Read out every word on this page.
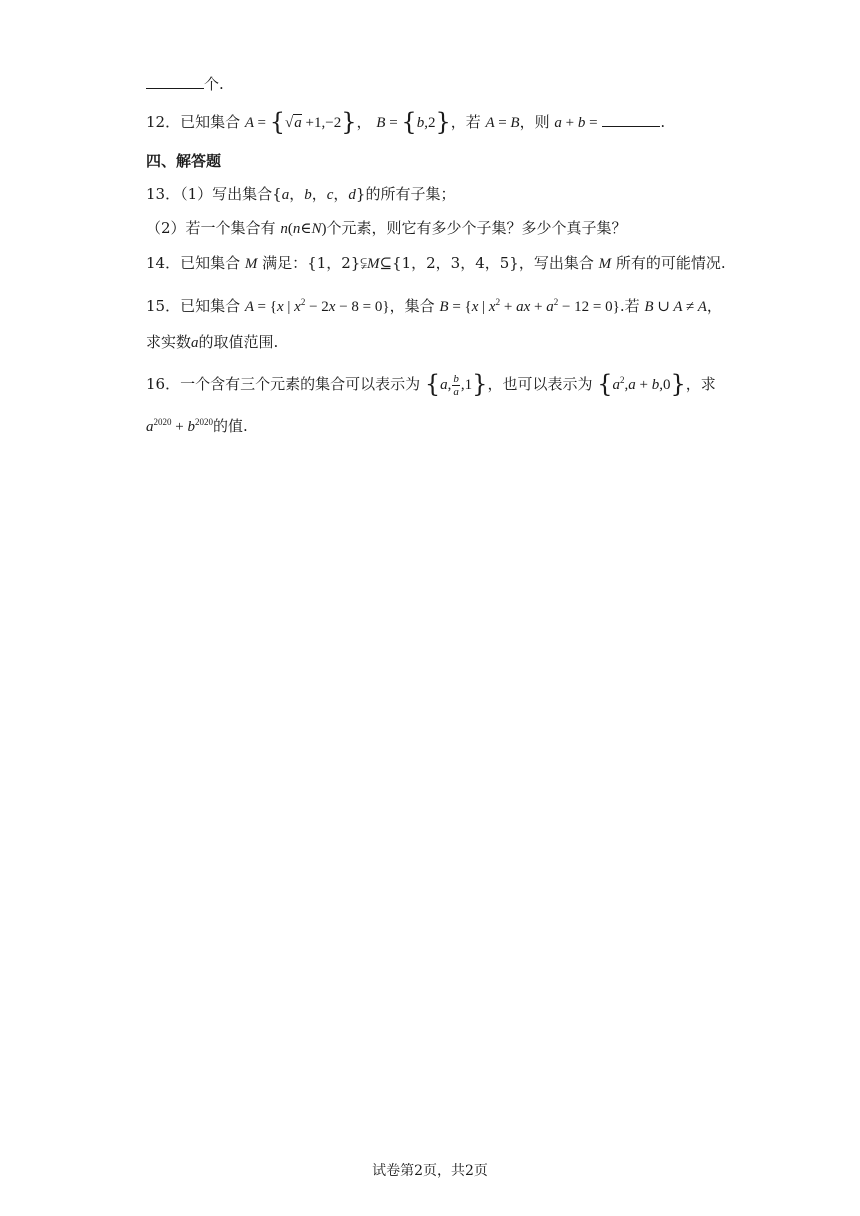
个.
12．已知集合 A = {√a +1,−2}， B = {b,2}，若 A = B，则 a + b =	.
四、解答题
13．（1）写出集合{a，b，c，d}的所有子集；
（2）若一个集合有 n(n∈N)个元素，则它有多少个子集？多少个真子集？
14．已知集合 M 满足：{1，2}⫋M⊆{1，2，3，4，5}，写出集合 M 所有的可能情况.
15．已知集合 A = {x | $x^2 - 2x - 8 = 0$}，集合 B = {x | $x^2$ + ax + $a^2 - 12 = 0$}.若 B ∪ A ≠ A，
求实数a的取值范围.
16．一个含有三个元素的集合可以表示为 {a, $\frac{b}{a} ,1$}，也可以表示为 $\{a^2,a + b,0\}$，求
$a^{2020} + b^{2020}$的值.
试卷第2页，共2页
